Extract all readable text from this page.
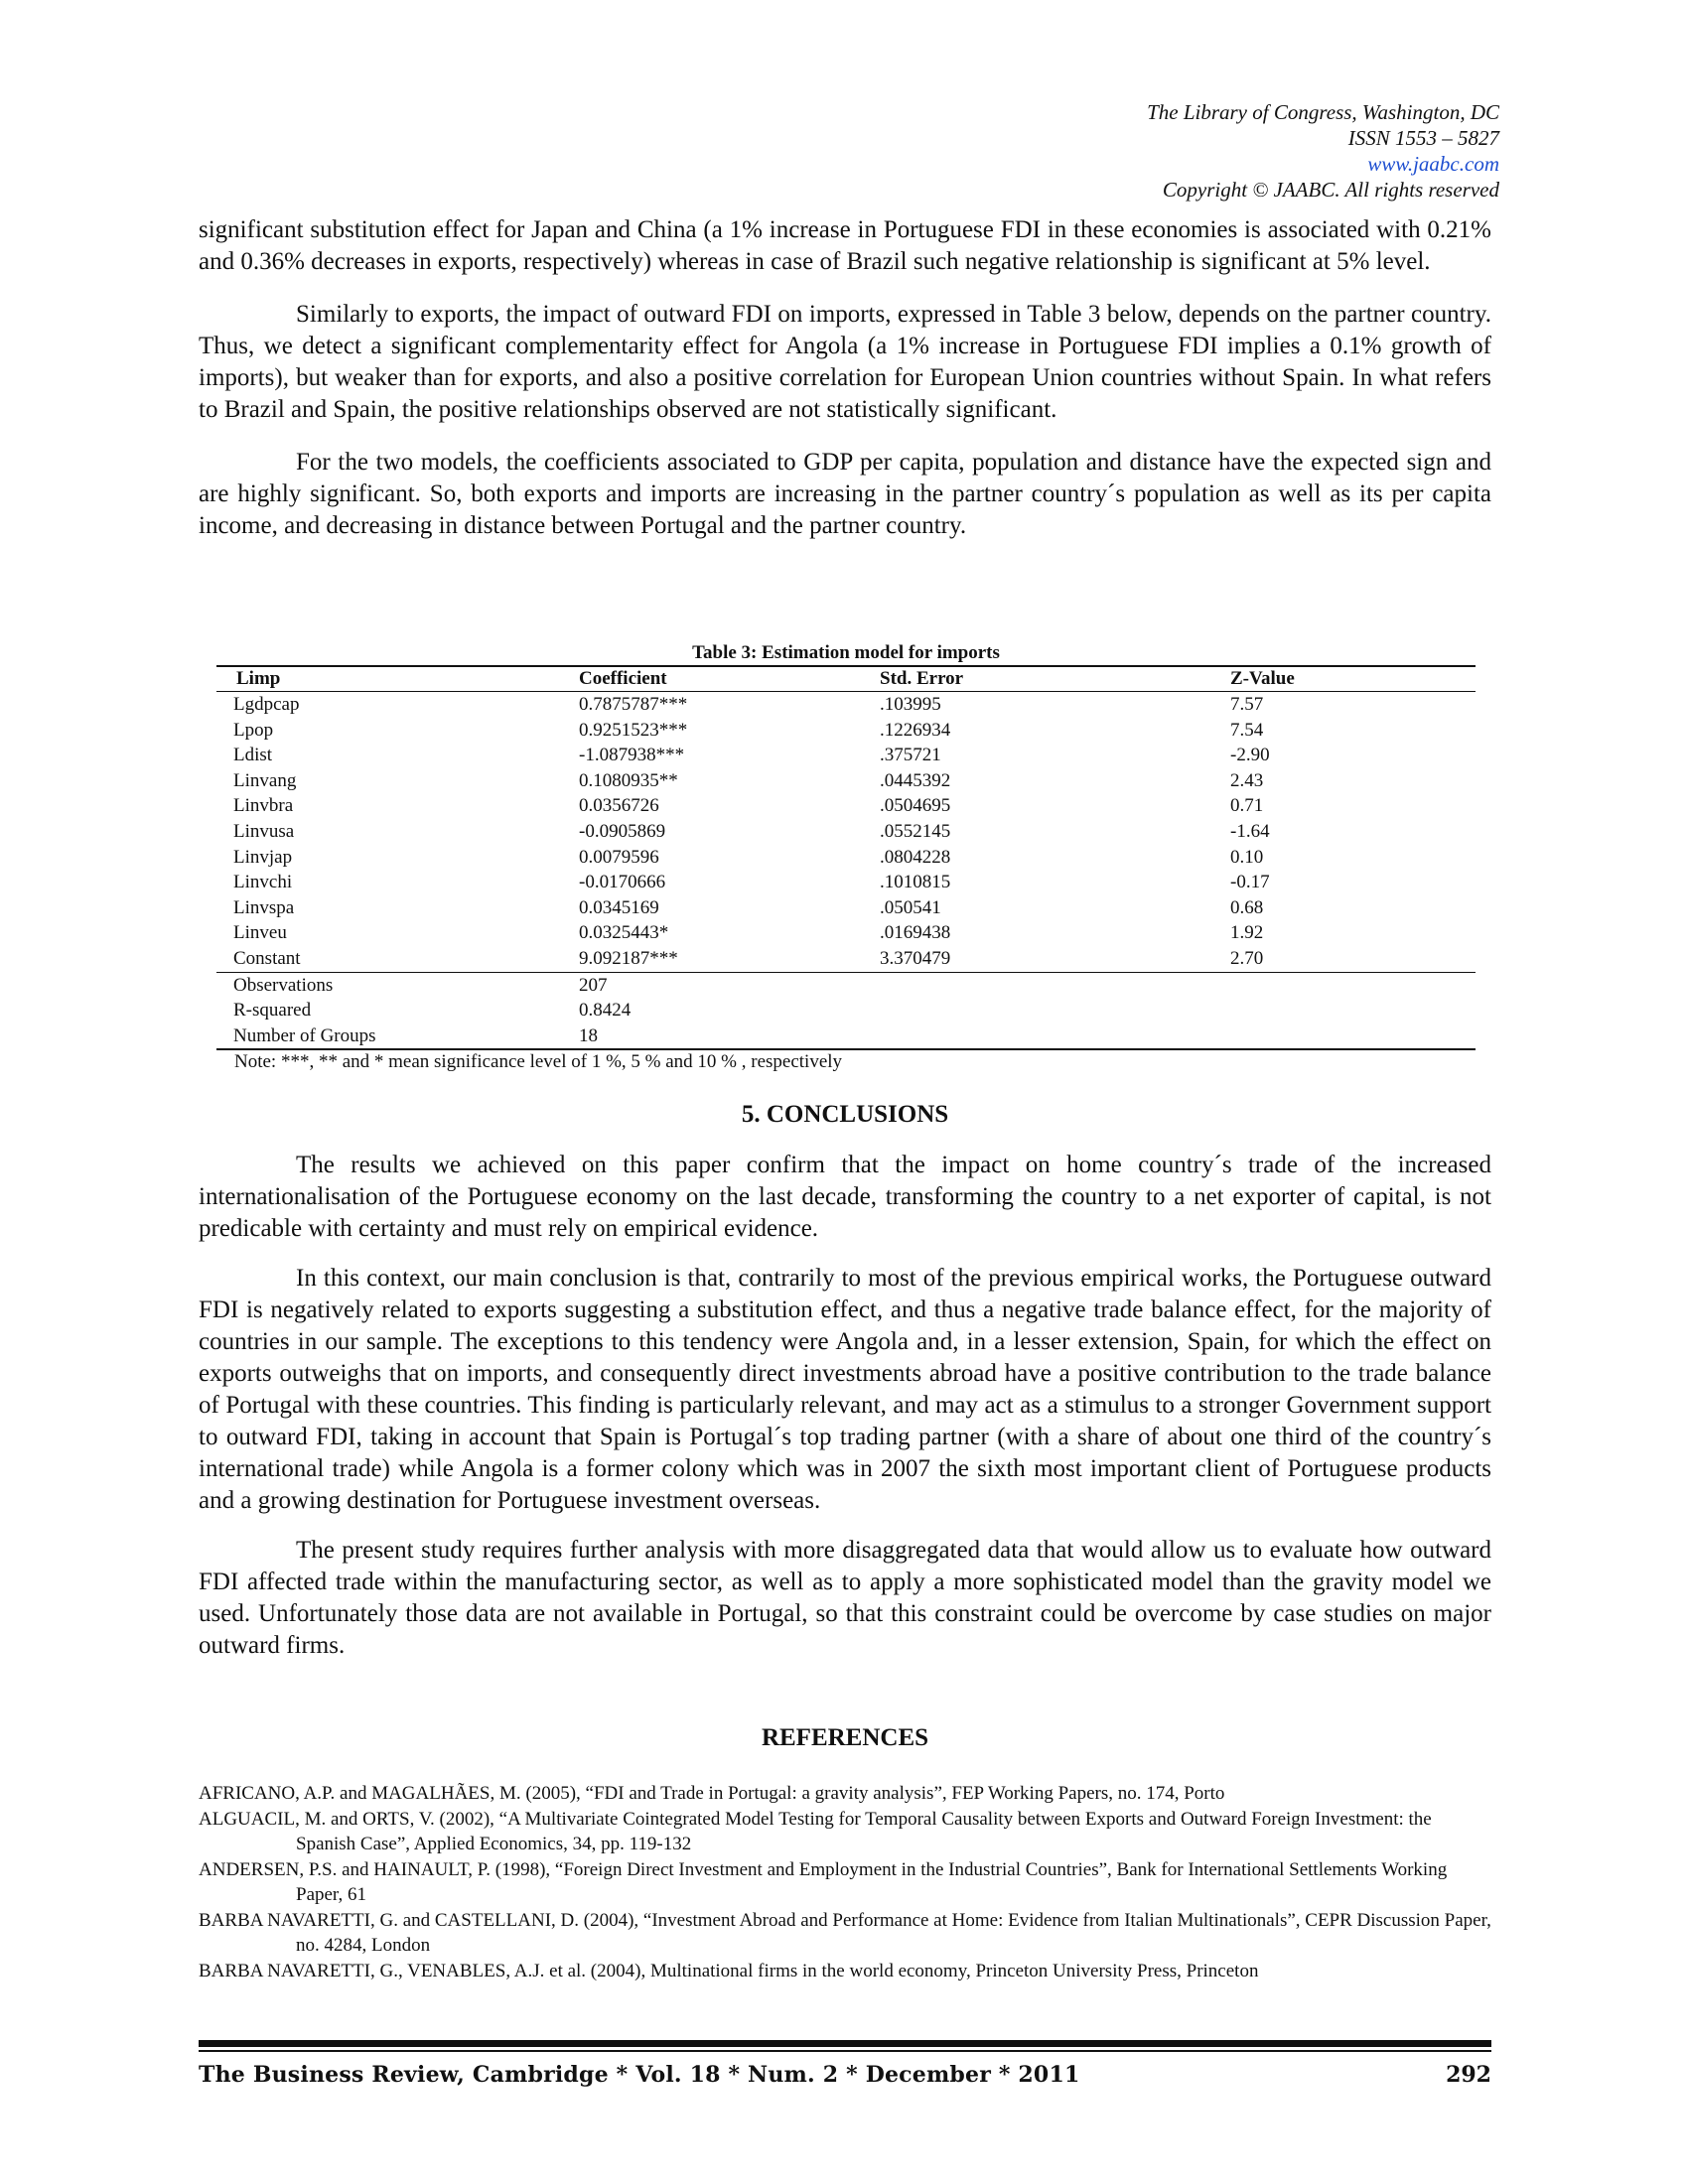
The Library of Congress, Washington, DC
ISSN 1553 – 5827
www.jaabc.com
Copyright © JAABC. All rights reserved

significant substitution effect for Japan and China (a 1% increase in Portuguese FDI in these economies is associated with 0.21% and 0.36% decreases in exports, respectively) whereas in case of Brazil such negative relationship is significant at 5% level.

Similarly to exports, the impact of outward FDI on imports, expressed in Table 3 below, depends on the partner country. Thus, we detect a significant complementarity effect for Angola (a 1% increase in Portuguese FDI implies a 0.1% growth of imports), but weaker than for exports, and also a positive correlation for European Union countries without Spain. In what refers to Brazil and Spain, the positive relationships observed are not statistically significant.

For the two models, the coefficients associated to GDP per capita, population and distance have the expected sign and are highly significant. So, both exports and imports are increasing in the partner country´s population as well as its per capita income, and decreasing in distance between Portugal and the partner country.

Table 3: Estimation model for imports
Limp	Coefficient	Std. Error	Z-Value
Lgdpcap	0.7875787***	.103995	7.57
Lpop	0.9251523***	.1226934	7.54
Ldist	-1.087938***	.375721	-2.90
Linvang	0.1080935**	.0445392	2.43
Linvbra	0.0356726	.0504695	0.71
Linvusa	-0.0905869	.0552145	-1.64
Linvjap	0.0079596	.0804228	0.10
Linvchi	-0.0170666	.1010815	-0.17
Linvspa	0.0345169	.050541	0.68
Linveu	0.0325443*	.0169438	1.92
Constant	9.092187***	3.370479	2.70
Observations	207		
R-squared	0.8424		
Number of Groups	18		
Note: ***, ** and * mean significance level of 1 %, 5 % and 10 % , respectively
5. CONCLUSIONS

The results we achieved on this paper confirm that the impact on home country´s trade of the increased internationalisation of the Portuguese economy on the last decade, transforming the country to a net exporter of capital, is not predicable with certainty and must rely on empirical evidence.

In this context, our main conclusion is that, contrarily to most of the previous empirical works, the Portuguese outward FDI is negatively related to exports suggesting a substitution effect, and thus a negative trade balance effect, for the majority of countries in our sample. The exceptions to this tendency were Angola and, in a lesser extension, Spain, for which the effect on exports outweighs that on imports, and consequently direct investments abroad have a positive contribution to the trade balance of Portugal with these countries. This finding is particularly relevant, and may act as a stimulus to a stronger Government support to outward FDI, taking in account that Spain is Portugal´s top trading partner (with a share of about one third of the country´s international trade) while Angola is a former colony which was in 2007 the sixth most important client of Portuguese products and a growing destination for Portuguese investment overseas.

The present study requires further analysis with more disaggregated data that would allow us to evaluate how outward FDI affected trade within the manufacturing sector, as well as to apply a more sophisticated model than the gravity model we used. Unfortunately those data are not available in Portugal, so that this constraint could be overcome by case studies on major outward firms.

REFERENCES

AFRICANO, A.P. and MAGALHÃES, M. (2005), “FDI and Trade in Portugal: a gravity analysis”, FEP Working Papers, no. 174, Porto

ALGUACIL, M. and ORTS, V. (2002), “A Multivariate Cointegrated Model Testing for Temporal Causality between Exports and Outward Foreign Investment: the Spanish Case”, Applied Economics, 34, pp. 119-132

ANDERSEN, P.S. and HAINAULT, P. (1998), “Foreign Direct Investment and Employment in the Industrial Countries”, Bank for International Settlements Working Paper, 61

BARBA NAVARETTI, G. and CASTELLANI, D. (2004), “Investment Abroad and Performance at Home: Evidence from Italian Multinationals”, CEPR Discussion Paper, no. 4284, London

BARBA NAVARETTI, G., VENABLES, A.J. et al. (2004), Multinational firms in the world economy, Princeton University Press, Princeton

The Business Review, Cambridge * Vol. 18 * Num. 2 * December * 2011	292
